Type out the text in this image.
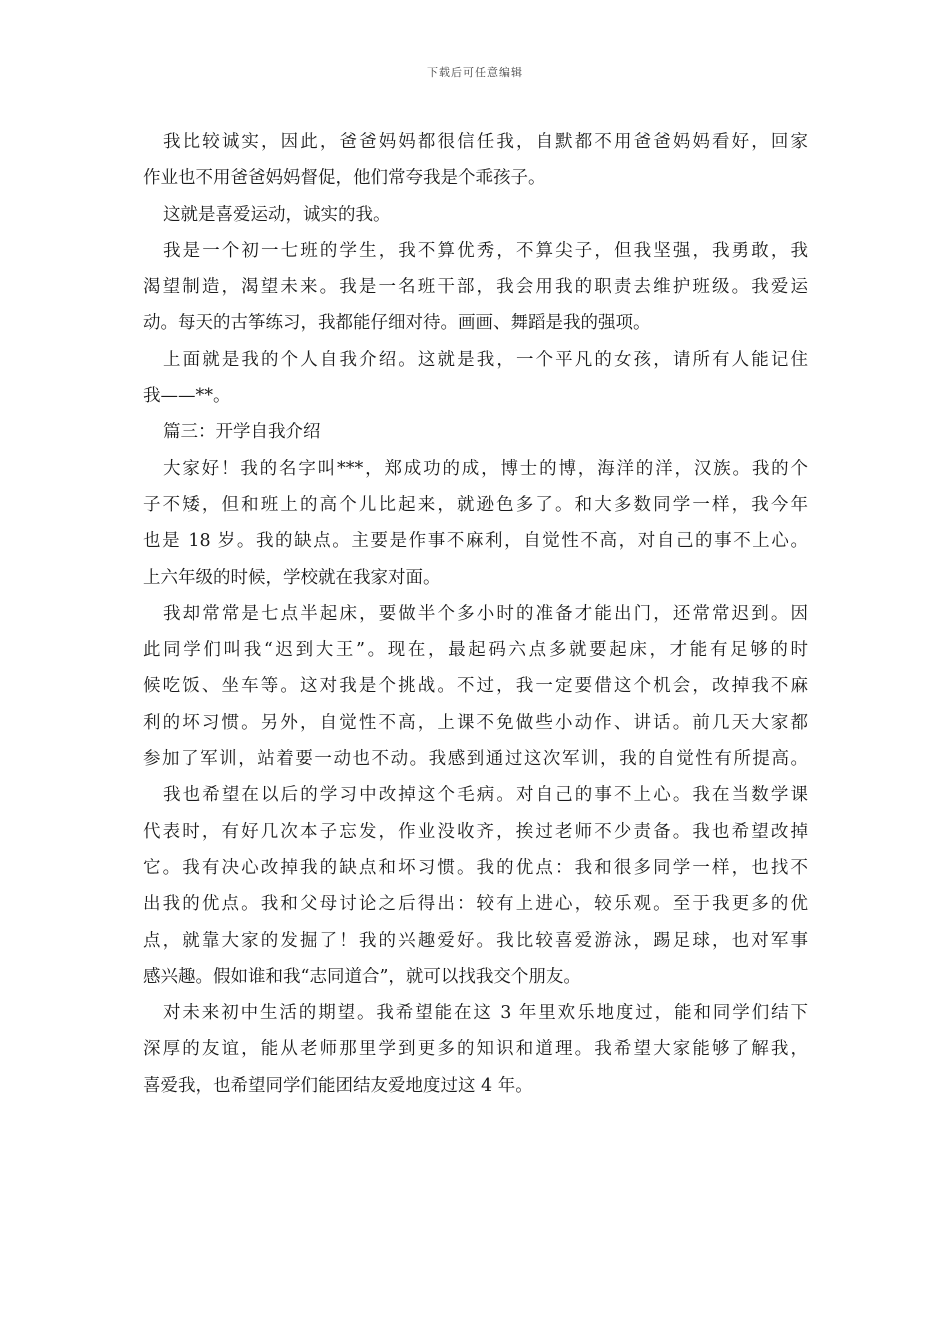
下载后可任意编辑
我比较诚实，因此，爸爸妈妈都很信任我，自默都不用爸爸妈妈看好，回家
作业也不用爸爸妈妈督促，他们常夸我是个乖孩子。
这就是喜爱运动，诚实的我。
我是一个初一七班的学生，我不算优秀，不算尖子，但我坚强，我勇敢，我
渴望制造，渴望未来。我是一名班干部，我会用我的职责去维护班级。我爱运
动。每天的古筝练习，我都能仔细对待。画画、舞蹈是我的强项。
上面就是我的个人自我介绍。这就是我，一个平凡的女孩，请所有人能记住
我——**。
篇三：开学自我介绍
大家好！我的名字叫***，郑成功的成，博士的博，海洋的洋，汉族。我的个
子不矮，但和班上的高个儿比起来，就逊色多了。和大多数同学一样，我今年
也是 18 岁。我的缺点。主要是作事不麻利，自觉性不高，对自己的事不上心。
上六年级的时候，学校就在我家对面。
我却常常是七点半起床，要做半个多小时的准备才能出门，还常常迟到。因
此同学们叫我“迟到大王”。现在，最起码六点多就要起床，才能有足够的时
候吃饭、坐车等。这对我是个挑战。不过，我一定要借这个机会，改掉我不麻
利的坏习惯。另外，自觉性不高，上课不免做些小动作、讲话。前几天大家都
参加了军训，站着要一动也不动。我感到通过这次军训，我的自觉性有所提高。
我也希望在以后的学习中改掉这个毛病。对自己的事不上心。我在当数学课
代表时，有好几次本子忘发，作业没收齐，挨过老师不少责备。我也希望改掉
它。我有决心改掉我的缺点和坏习惯。我的优点：我和很多同学一样，也找不
出我的优点。我和父母讨论之后得出：较有上进心，较乐观。至于我更多的优
点，就靠大家的发掘了！我的兴趣爱好。我比较喜爱游泳，踢足球，也对军事
感兴趣。假如谁和我“志同道合”，就可以找我交个朋友。
对未来初中生活的期望。我希望能在这 3 年里欢乐地度过，能和同学们结下
深厚的友谊，能从老师那里学到更多的知识和道理。我希望大家能够了解我，
喜爱我，也希望同学们能团结友爱地度过这 4 年。
